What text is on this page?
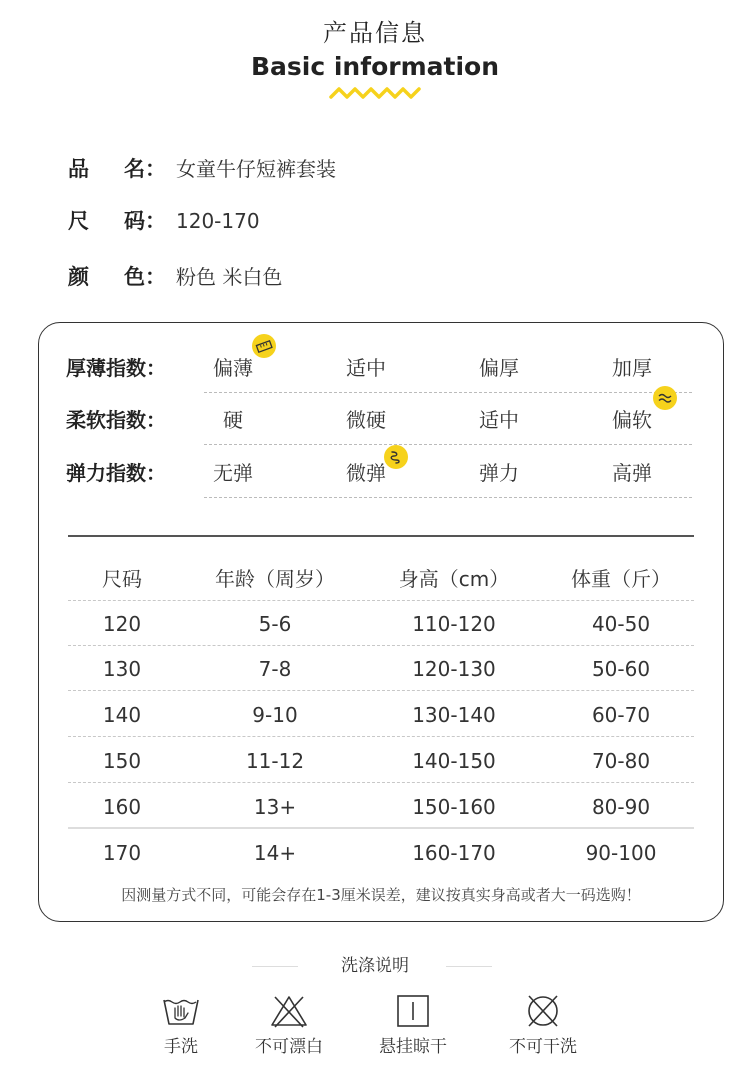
产品信息
Basic information
品 名： 女童牛仔短裤套装
尺 码： 120-170
颜 色： 粉色 米白色
厚薄指数：	偏薄	适中	偏厚	加厚
柔软指数：	硬	微硬	适中	偏软
弹力指数：	无弹	微弹	弹力	高弹
尺码	年龄（周岁）	身高（cm）	体重（斤）
120	5-6	110-120	40-50
130	7-8	120-130	50-60
140	9-10	130-140	60-70
150	11-12	140-150	70-80
160	13+	150-160	80-90
170	14+	160-170	90-100
因测量方式不同，可能会存在1-3厘米误差，建议按真实身高或者大一码选购！
洗涤说明
手洗	不可漂白	悬挂晾干	不可干洗
